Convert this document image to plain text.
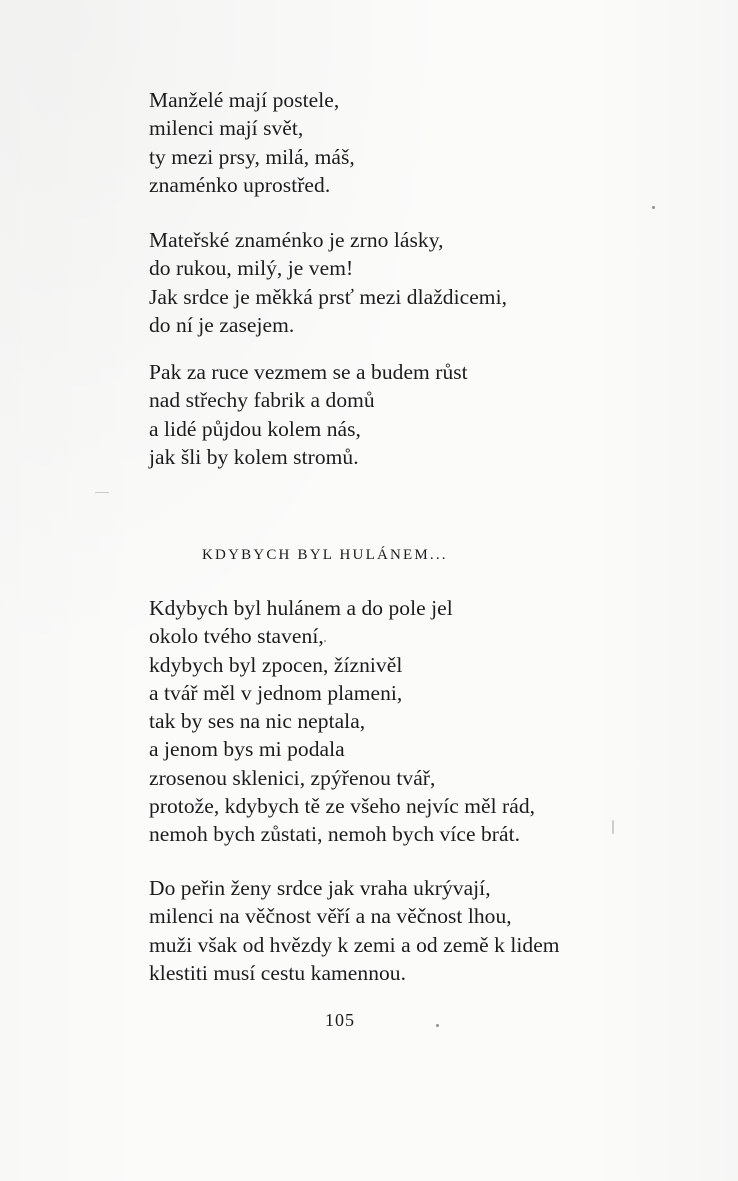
Manželé mají postele,
milenci mají svět,
ty mezi prsy, milá, máš,
znaménko uprostřed.

Mateřské znaménko je zrno lásky,
do rukou, milý, je vem!
Jak srdce je měkká prsť mezi dlaždicemi,
do ní je zasejem.

Pak za ruce vezmem se a budem růst
nad střechy fabrik a domů
a lidé půjdou kolem nás,
jak šli by kolem stromů.

KDYBYCH BYL HULÁNEM...

Kdybych byl hulánem a do pole jel
okolo tvého stavení,
kdybych byl zpocen, žíznivěl
a tvář měl v jednom plameni,
tak by ses na nic neptala,
a jenom bys mi podala
zrosenou sklenici, zpýřenou tvář,
protože, kdybych tě ze všeho nejvíc měl rád,
nemoh bych zůstati, nemoh bych více brát.

Do peřin ženy srdce jak vraha ukrývají,
milenci na věčnost věří a na věčnost lhou,
muži však od hvězdy k zemi a od země k lidem
klestiti musí cestu kamennou.

105
